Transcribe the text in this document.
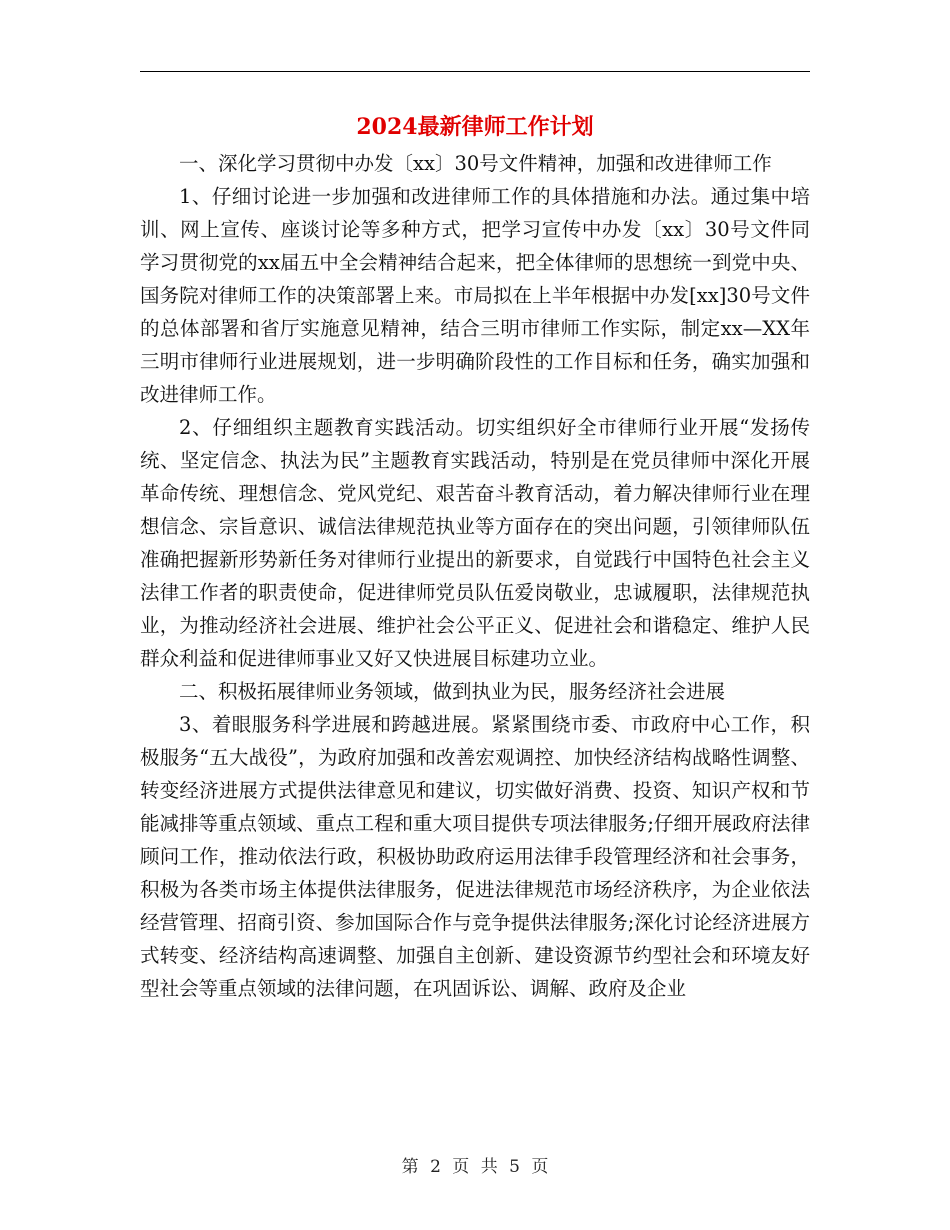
2024最新律师工作计划

一、深化学习贯彻中办发〔xx〕30号文件精神，加强和改进律师工作

1、仔细讨论进一步加强和改进律师工作的具体措施和办法。通过集中培训、网上宣传、座谈讨论等多种方式，把学习宣传中办发〔xx〕30号文件同学习贯彻党的xx届五中全会精神结合起来，把全体律师的思想统一到党中央、国务院对律师工作的决策部署上来。市局拟在上半年根据中办发[xx]30号文件的总体部署和省厅实施意见精神，结合三明市律师工作实际，制定xx—XX年三明市律师行业进展规划，进一步明确阶段性的工作目标和任务，确实加强和改进律师工作。

2、仔细组织主题教育实践活动。切实组织好全市律师行业开展“发扬传统、坚定信念、执法为民”主题教育实践活动，特别是在党员律师中深化开展革命传统、理想信念、党风党纪、艰苦奋斗教育活动，着力解决律师行业在理想信念、宗旨意识、诚信法律规范执业等方面存在的突出问题，引领律师队伍准确把握新形势新任务对律师行业提出的新要求，自觉践行中国特色社会主义法律工作者的职责使命，促进律师党员队伍爱岗敬业，忠诚履职，法律规范执业，为推动经济社会进展、维护社会公平正义、促进社会和谐稳定、维护人民群众利益和促进律师事业又好又快进展目标建功立业。

二、积极拓展律师业务领域，做到执业为民，服务经济社会进展

3、着眼服务科学进展和跨越进展。紧紧围绕市委、市政府中心工作，积极服务“五大战役”，为政府加强和改善宏观调控、加快经济结构战略性调整、转变经济进展方式提供法律意见和建议，切实做好消费、投资、知识产权和节能减排等重点领域、重点工程和重大项目提供专项法律服务;仔细开展政府法律顾问工作，推动依法行政，积极协助政府运用法律手段管理经济和社会事务，积极为各类市场主体提供法律服务，促进法律规范市场经济秩序，为企业依法经营管理、招商引资、参加国际合作与竞争提供法律服务;深化讨论经济进展方式转变、经济结构高速调整、加强自主创新、建设资源节约型社会和环境友好型社会等重点领域的法律问题，在巩固诉讼、调解、政府及企业

第 2 页 共 5 页
